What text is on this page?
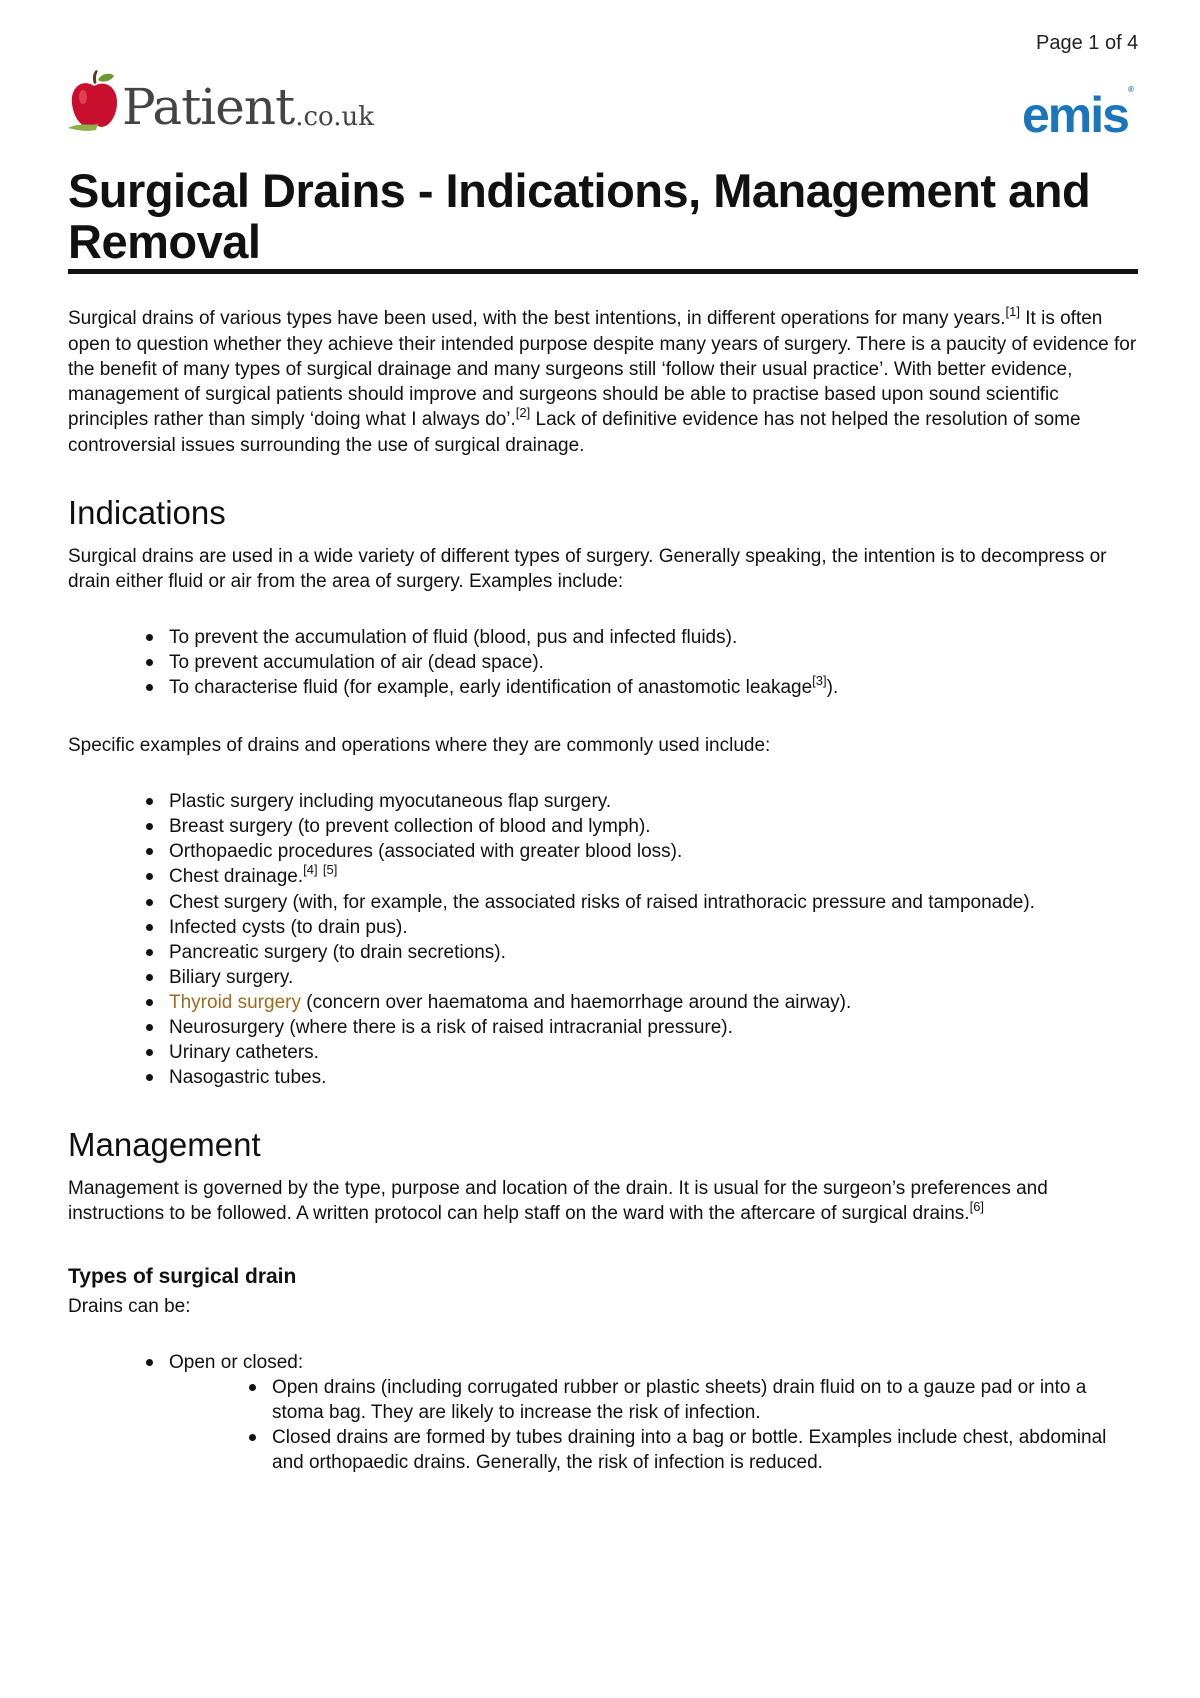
Page 1 of 4
Patient .co.uk	emis®
Surgical Drains - Indications, Management and Removal

Surgical drains of various types have been used, with the best intentions, in different operations for many years.[1] It is often open to question whether they achieve their intended purpose despite many years of surgery. There is a paucity of evidence for the benefit of many types of surgical drainage and many surgeons still ‘follow their usual practice’. With better evidence, management of surgical patients should improve and surgeons should be able to practise based upon sound scientific principles rather than simply ‘doing what I always do’.[2] Lack of definitive evidence has not helped the resolution of some controversial issues surrounding the use of surgical drainage.

Indications

Surgical drains are used in a wide variety of different types of surgery. Generally speaking, the intention is to decompress or drain either fluid or air from the area of surgery. Examples include:

To prevent the accumulation of fluid (blood, pus and infected fluids).
To prevent accumulation of air (dead space).
To characterise fluid (for example, early identification of anastomotic leakage[3]).

Specific examples of drains and operations where they are commonly used include:

Plastic surgery including myocutaneous flap surgery.
Breast surgery (to prevent collection of blood and lymph).
Orthopaedic procedures (associated with greater blood loss).
Chest drainage.[4] [5]
Chest surgery (with, for example, the associated risks of raised intrathoracic pressure and tamponade).
Infected cysts (to drain pus).
Pancreatic surgery (to drain secretions).
Biliary surgery.
Thyroid surgery (concern over haematoma and haemorrhage around the airway).
Neurosurgery (where there is a risk of raised intracranial pressure).
Urinary catheters.
Nasogastric tubes.
Management

Management is governed by the type, purpose and location of the drain. It is usual for the surgeon’s preferences and instructions to be followed. A written protocol can help staff on the ward with the aftercare of surgical drains.[6]

Types of surgical drain

Drains can be:

Open or closed:
Open drains (including corrugated rubber or plastic sheets) drain fluid on to a gauze pad or into a stoma bag. They are likely to increase the risk of infection.
Closed drains are formed by tubes draining into a bag or bottle. Examples include chest, abdominal and orthopaedic drains. Generally, the risk of infection is reduced.
